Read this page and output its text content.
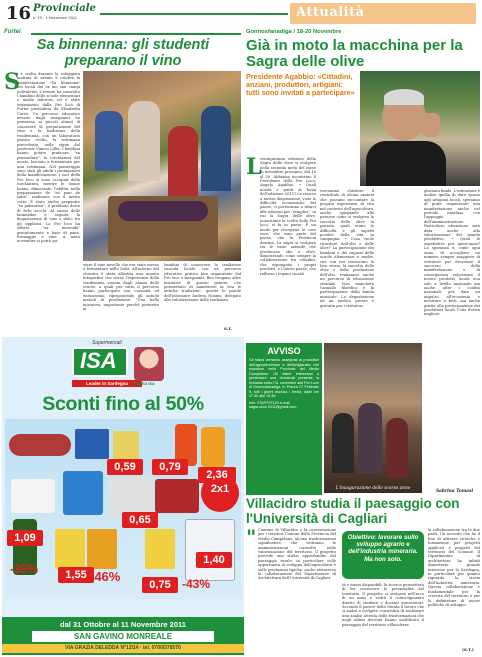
16 Provinciale
n. 19 - 1 Novembre 2011	Attualità
Furtei
Sa binnenna: gli studenti preparano il vino
S
i è svolta durante la soleggiata mattina di sabato 8 ottobre la manifestazione "Sa binnenna" nei locali del ex mo san campi polivalenti. L'evento ha coinvolto i bambini delle scuole elementari e medie inferiori, ed è stato organizzato dalla Pro loco di Furtei presieduta da Elisabetta Corrò. Un percorso educativo avviato dagli insegnanti ha permesso ai piccoli alunni di conoscere la preparazione del vino e la tradizione della vendemmia, con un laboratorio pratico svolto, la settimana precedente, nelle vigne del professor Vinicio Lilliu. I bambini hanno potuto praticare "sa pressadura", la torchiatura del mosto, lasciato a fermentare per una settimana. Nel pomeriggio sono stati gli adulti i protagonisti della manifestazione: i soci della Pro loco si sono occupati della torchiatura, mentre le donne hanno dimostrato l'abilità nella preparazione de "su pani de saba", realizzato con il mosto cotto. È stato anche preparato "su pabassinu", il prelibato dolce di fichi secchi. Al suono delle launeddas è seguita la degustazione di vino e dolci tra gli applausi. Lo Pro loco ha offerto "sa merenda" gratuitamente a base di pane, formaggio e vino. A metà novembre si potrà gu-
stare il vino novello che era stato messo a fermentare nelle botti. All'interno del chiostro è stata allestita una mostra fotografica che ritrae l'esperienza della vendemmia vissuta dagli alunni delle scuole, a quali per tutto il percorso hanno partecipato con curiosità ed entusiasmo, riproponendo gli antichi metodi di produzione. "Una bella iniziativa, importante perché permette ai
bambini di conoscere la tradizione vinicola locale, con un percorso educativo pratico ben organizzato dal Pro loco e insegnanti. Ben vengano altre iniziative di questo genere, che permettono di mantenere in vita le antiche tradizioni", queste le parole dell'assessore Andrea Nonnis, delegato alla valorizzazione delle tradizioni.
S.T.
Supermercati
ISA
Leader in Sardegna	Nonna Isa
Sconti fino al 50%
2x1
0,59	0,79
2,36
0,65
1,09
1,55
0,75
1,40
-35%	-46%	-43%
dal 31 Ottobre al 11 Novembre 2011
SAN GAVINO MONREALE
VIA GRAZIA DELEDDA N°12/14 · tel. 070/9378570
Gonnosfanadiga / 18-20 Novembre
Già in moto la macchina per la Sagra delle olive
Presidente Agabbio: «Cittadini, anziani, produttori, artigiani: tutti sono invitati a partecipare»
L
ventiquesima edizione della Sagra delle olive si svolgerà nella seconda metà del mese di novembre prossimo, dal 18 al 20. Abbiamo incontrato il Presidente della Pro Loco, Angelo Agabbio. • Quali novità e punti di forza dell'edizione 2011? Le risorse a nostra disposizione, viste le difficoltà economiche del paese, ci porteranno a rifarci alle edizioni più "semplici", in cui la Sagra delle olive, nonostante la scelta della Pro loco, si fa in paese. È un modo per riscoprire le cose vere, che sono parte del paese, che la Provincia destina. La sagra si svolgerà tra le varie aziende che producono olio e olive, dimostrando come sempre la collaborazione tra cittadini, che espongono i propri prodotti, e l'intero paese, che rafforza i legami sociali.
vorremmo chiedere il contributo di alcuni anziani che possano raccontare la propria esperienza di vita nel contesto dell'agricoltura, anche spiegando alle persone come si svolgeva la raccolta delle olive in passato, quali erano le difficoltà e gli aspetti positivi della vita in campagna. • Cosa vuole ricordare dell'olio e delle olive? La partecipazione dei bambini e dei ragazzi delle scuole elementari e medie, che con noi conoscono la loro storia, la raccolta delle olive e della produzione dell'olio, realizzano anche un percorso di educazione stradale. Non mancherà l'annullo filatelico e la partecipazione della banda musicale. La degustazione ad un modico prezzo è gratuita per i visitatori.
giornata finale. L'intenzione è inoltre quella di dare spazio agli artigiani locali, speriamo di poter organizzare una manifestazione anche nel periodo natalizio, con l'appoggio dell'amministrazione. Particolare attenzione sarà data anche alla valorizzazione del mondo produttivo. • Quali le aspettative per quest'anno? La speranza è, come ogni anno, di accogliere un numero sempre maggiore di visitatori per decretare il successo della manifestazione e di conseguenza valorizzare il nostro prodotto locale non solo a livello nazionale ma anche oltre i confini nazionali, per dare un impulso all'economia e mostrare a tutti, ma anche grazie alla partecipazione dei produttori locali, l'olio d'oliva migliore.
AVVISO
Gli stand verranno assegnati ai produttori dell'agroalimentare e dell'artigianato che risiedono nella Provincia del Medio Campidano. Gli stand interessati a presentare una domanda presente la richiesta entro l'11 novembre alla Pro Loco di Gonnosfanadiga, in Piazza 27 Febbraio 9, tutti i giorni escluso i festivi, dalle ore 17.30 alle 19.30.
Info: 070/9797129 e-mail sagra.olive.2011@gmail.com.
L'inaugurazione dello scorso anno
Sabrina Tomasi
Villacidro studia il paesaggio con l'Università di Cagliari
Obiettivo: lavorare sullo sviluppo agrario e dell'industria mineraria. Ma non solo.
" Comune di Villacidro e la conventazione per i territori Comuni della Provincia del Medio Campidano, alcune trasformazioni significative, che vedranno le amministrazioni coinvolte nella valorizzazione del territorio. Il progetto prevede uno studio approfondito del paesaggio rurale, in particolare sulle opportunità di sviluppo dell'agricoltura e sulle produzioni tipiche, anche attraverso la collaborazione del Dipartimento di Architettura dell'Università di Cagliari.
tà e mezzi disponibili, la ricerca permetterà di far conoscere le potenzialità del territorio. Il progetto si svolgerà nell'arco di un anno e vedrà il coinvolgimento diretto di studenti e docenti universitari. Secondo il parere della Giunta il lavoro che si andrà a svolgere consentirà di realizzare una analisi attenta delle trasformazioni che negli ultimi decenni hanno modificato il paesaggio del territorio villacidrese.
la collaborazione tra le due parti. Un accordo che ha il fine di attivare ricerche e formazione per progetti applicati e progetti del territorio del Comune. Il Dipartimento di architettura ha infatti dimostrato grande interesse per la Sardegna, in particolare per quanto riguarda la storia dell'industria mineraria. Questa collaborazione è fondamentale per la crescita del territorio e per la definizione di nuove politiche di sviluppo.
(S.T.)
